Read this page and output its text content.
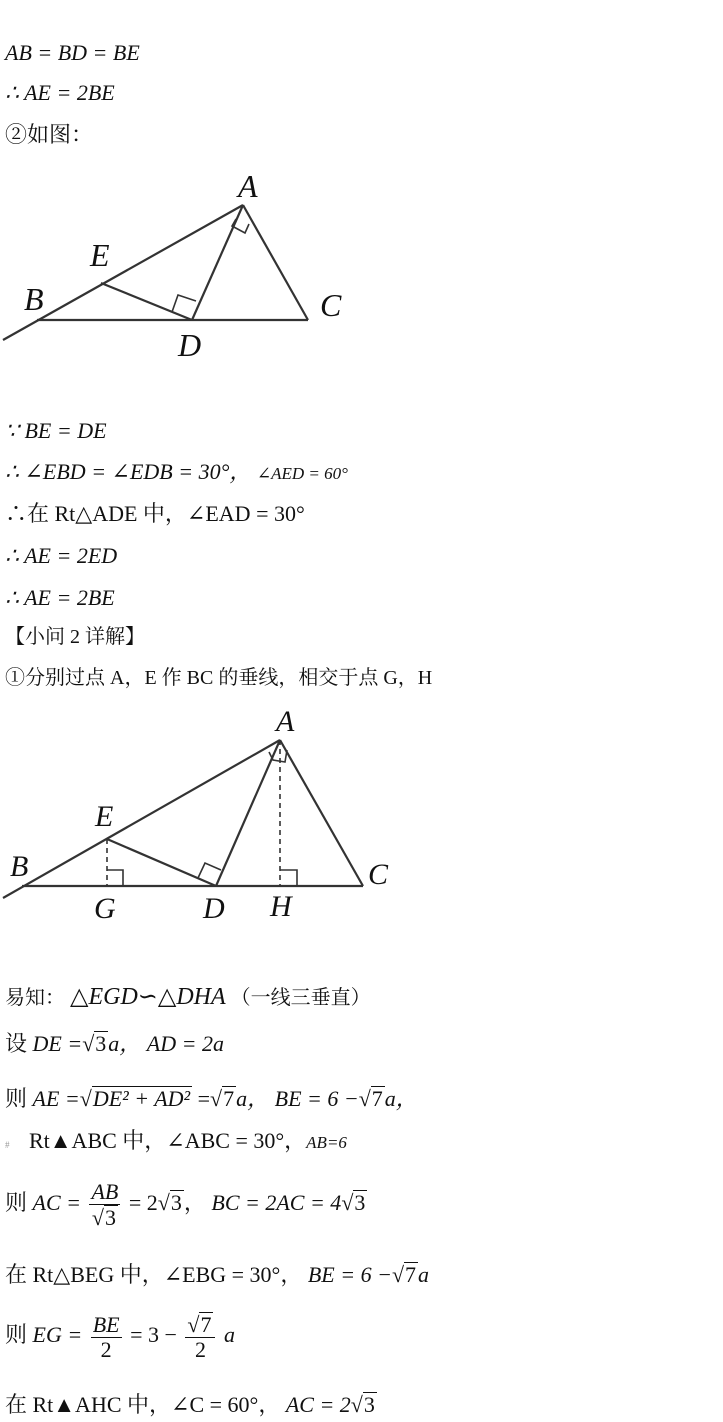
AB = BD = BE
∴ AE = 2BE
②如图：
A
E
B	C
D
∵ BE = DE
∴ ∠EBD = ∠EDB = 30°， ∠AED = 60°
∴在 Rt△ADE 中，∠EAD = 30°
∴ AE = 2ED
∴ AE = 2BE
【小问 2 详解】
①分别过点 A，E 作 BC 的垂线，相交于点 G，H
A
E
B	C
G	D H
易知： △EGD∽△DHA （一线三垂直）
设 DE =√3a， AD = 2a
则 AE =√DE² + AD² =√7a， BE = 6 −√7a，
# Rt▲ABC 中，∠ABC = 30°，AB=6
则 AC = $\frac{AB}{√3} = 2√3$， BC = 2AC = 4√3
在 Rt△BEG 中，∠EBG = 30°， BE = 6 −√7a
则 EG = $\frac{BE}{2} = 3 - \frac{√7}{2}$ a
在 Rt▲AHC 中，∠C = 60°， AC = 2√3
